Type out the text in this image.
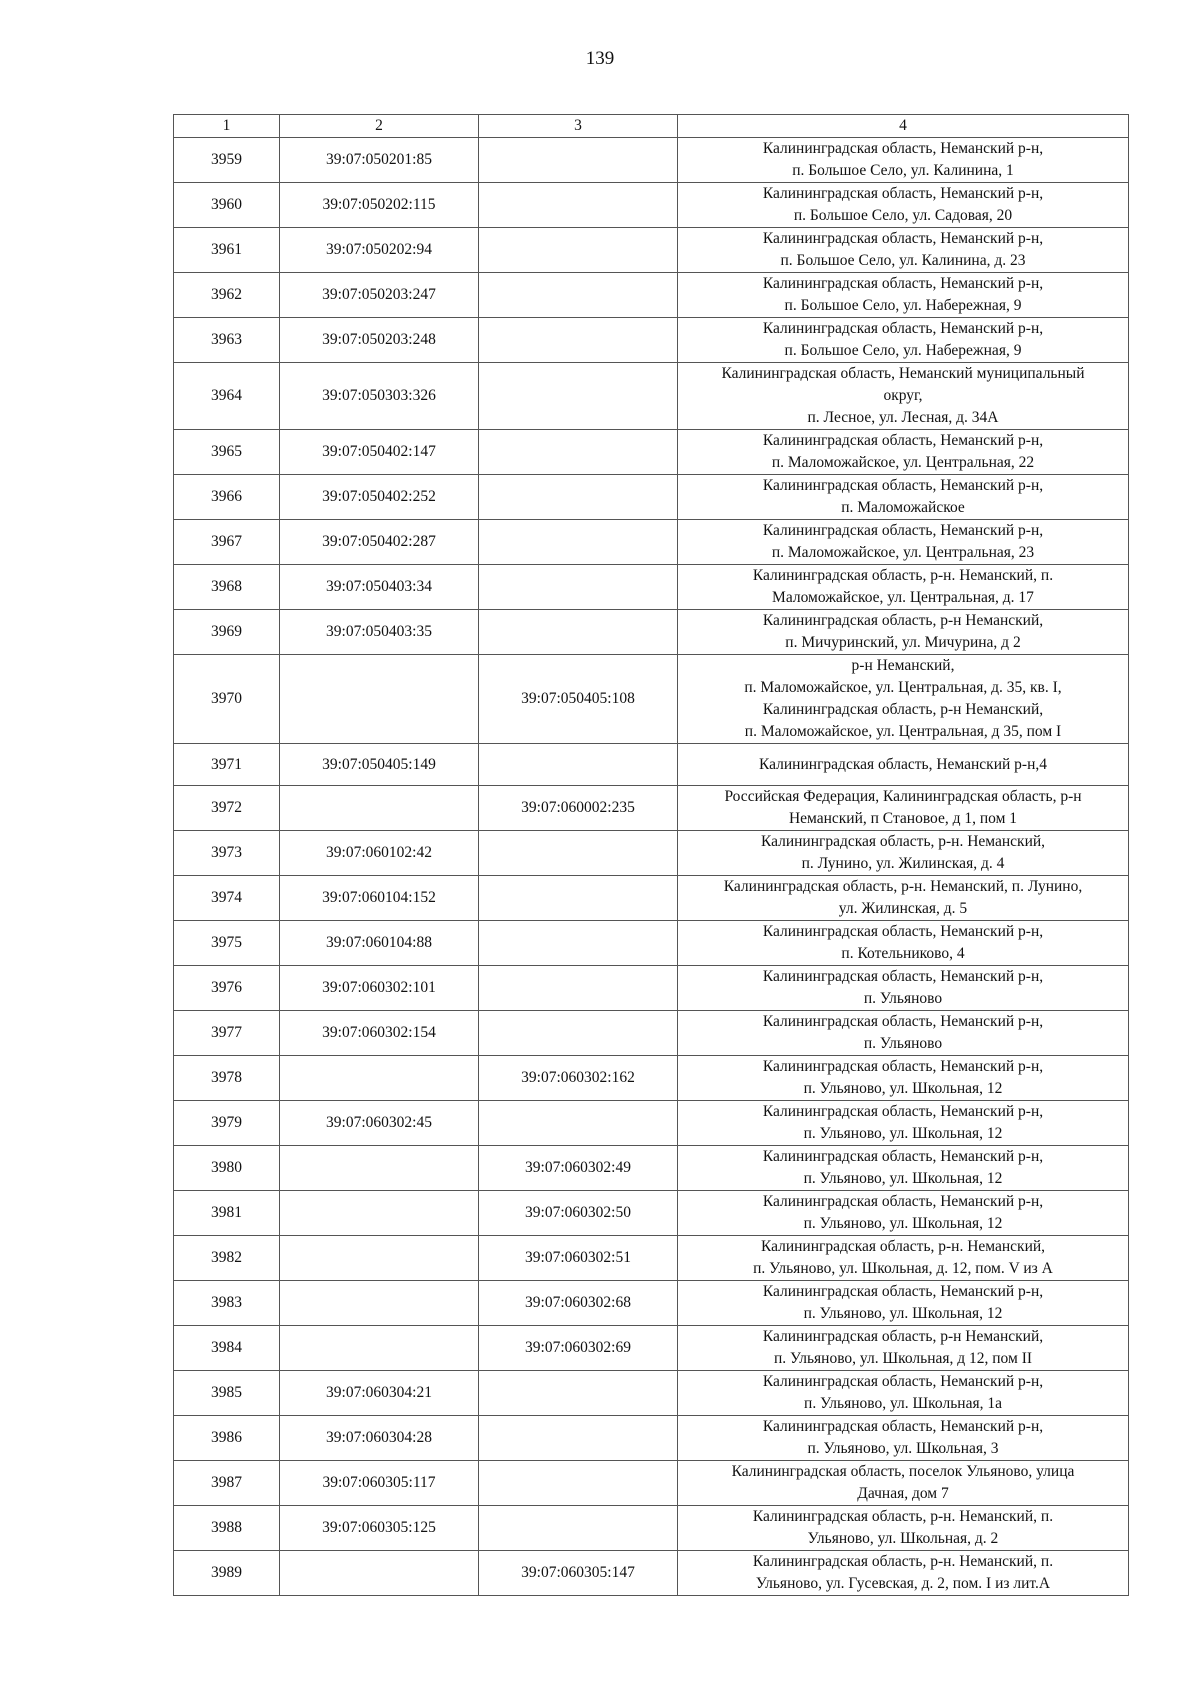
139
1	2	3	4
3959	39:07:050201:85		Калининградская область, Неманский р-н,
п. Большое Село, ул. Калинина, 1

3960	39:07:050202:115		Калининградская область, Неманский р-н,
п. Большое Село, ул. Садовая, 20

3961	39:07:050202:94		Калининградская область, Неманский р-н,
п. Большое Село, ул. Калинина, д. 23

3962	39:07:050203:247		Калининградская область, Неманский р-н,
п. Большое Село, ул. Набережная, 9

3963	39:07:050203:248		Калининградская область, Неманский р-н,
п. Большое Село, ул. Набережная, 9

3964	39:07:050303:326		Калининградская область, Неманский муниципальный
округ,
п. Лесное, ул. Лесная, д. 34А

3965	39:07:050402:147		Калининградская область, Неманский р-н,
п. Маломожайское, ул. Центральная, 22

3966	39:07:050402:252		Калининградская область, Неманский р-н,
п. Маломожайское

3967	39:07:050402:287		Калининградская область, Неманский р-н,
п. Маломожайское, ул. Центральная, 23

3968	39:07:050403:34		Калининградская область, р-н. Неманский, п.
Маломожайское, ул. Центральная, д. 17

3969	39:07:050403:35		Калининградская область, р-н Неманский,
п. Мичуринский, ул. Мичурина, д 2

3970		39:07:050405:108	р-н Неманский,
п. Маломожайское, ул. Центральная, д. 35, кв. I,
Калининградская область, р-н Неманский,
п. Маломожайское, ул. Центральная, д 35, пом I

3971	39:07:050405:149		Калининградская область, Неманский р-н,4

3972		39:07:060002:235	Российская Федерация, Калининградская область, р-н
Неманский, п Становое, д 1, пом 1

3973	39:07:060102:42		Калининградская область, р-н. Неманский,
п. Лунино, ул. Жилинская, д. 4

3974	39:07:060104:152		Калининградская область, р-н. Неманский, п. Лунино,
ул. Жилинская, д. 5

3975	39:07:060104:88		Калининградская область, Неманский р-н,
п. Котельниково, 4

3976	39:07:060302:101		Калининградская область, Неманский р-н,
п. Ульяново

3977	39:07:060302:154		Калининградская область, Неманский р-н,
п. Ульяново

3978		39:07:060302:162	Калининградская область, Неманский р-н,
п. Ульяново, ул. Школьная, 12

3979	39:07:060302:45		Калининградская область, Неманский р-н,
п. Ульяново, ул. Школьная, 12

3980		39:07:060302:49	Калининградская область, Неманский р-н,
п. Ульяново, ул. Школьная, 12

3981		39:07:060302:50	Калининградская область, Неманский р-н,
п. Ульяново, ул. Школьная, 12

3982		39:07:060302:51	Калининградская область, р-н. Неманский,
п. Ульяново, ул. Школьная, д. 12, пом. V из А

3983		39:07:060302:68	Калининградская область, Неманский р-н,
п. Ульяново, ул. Школьная, 12

3984		39:07:060302:69	Калининградская область, р-н Неманский,
п. Ульяново, ул. Школьная, д 12, пом II

3985	39:07:060304:21		Калининградская область, Неманский р-н,
п. Ульяново, ул. Школьная, 1а

3986	39:07:060304:28		Калининградская область, Неманский р-н,
п. Ульяново, ул. Школьная, 3

3987	39:07:060305:117		Калининградская область, поселок Ульяново, улица
Дачная, дом 7

3988	39:07:060305:125		Калининградская область, р-н. Неманский, п.
Ульяново, ул. Школьная, д. 2

3989		39:07:060305:147	Калининградская область, р-н. Неманский, п.
Ульяново, ул. Гусевская, д. 2, пом. I из лит.А
